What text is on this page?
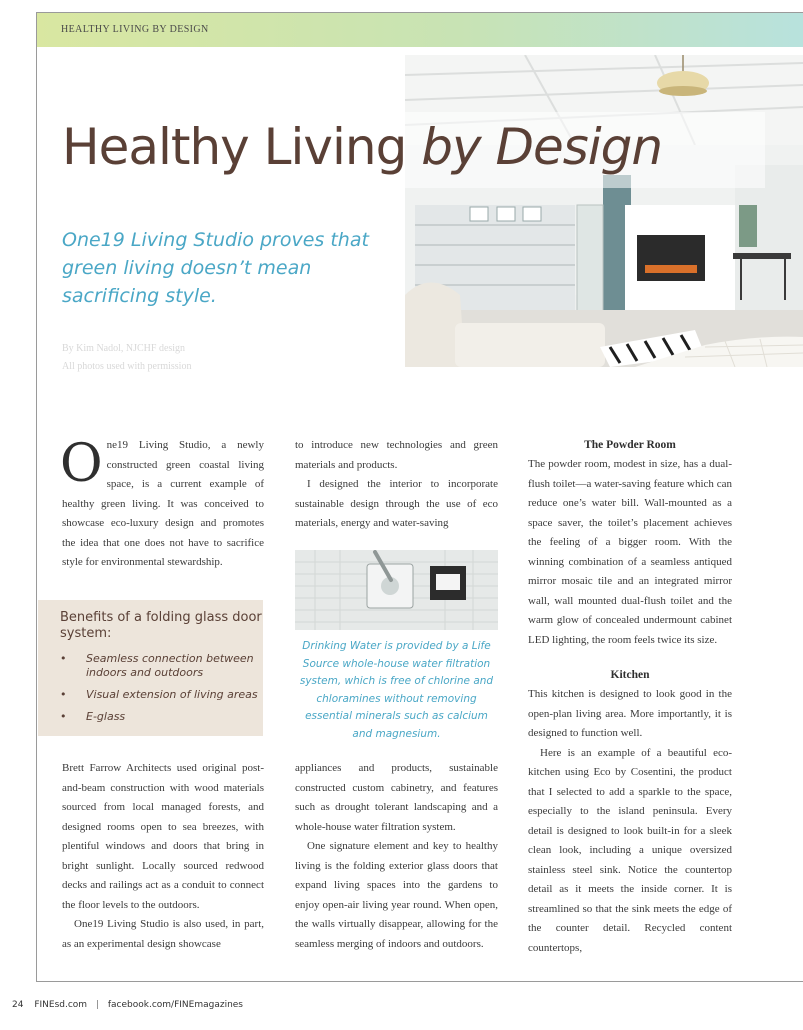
HEALTHY LIVING BY DESIGN
Healthy Living by Design

One19 Living Studio proves that green living doesn’t mean sacrificing style.

By Kim Nadol, NJCHF design
All photos used with permission

One19 Living Studio, a newly constructed green coastal living space, is a current example of healthy green living. It was conceived to showcase eco-luxury design and promotes the idea that one does not have to sacrifice style for environmental stewardship.

Benefits of a folding glass door system:
• Seamless connection between indoors and outdoors
• Visual extension of living areas
• E-glass

Brett Farrow Architects used original post-and-beam construction with wood materials sourced from local managed forests, and designed rooms open to sea breezes, with plentiful windows and doors that bring in bright sunlight. Locally sourced redwood decks and railings act as a conduit to connect the floor levels to the outdoors.

One19 Living Studio is also used, in part, as an experimental design showcase

to introduce new technologies and green materials and products.

I designed the interior to incorporate sustainable design through the use of eco materials, energy and water-saving

Drinking Water is provided by a Life Source whole-house water filtration system, which is free of chlorine and chloramines without removing essential minerals such as calcium and magnesium.

appliances and products, sustainable constructed custom cabinetry, and features such as drought tolerant landscaping and a whole-house water filtration system.

One signature element and key to healthy living is the folding exterior glass doors that expand living spaces into the gardens to enjoy open-air living year round. When open, the walls virtually disappear, allowing for the seamless merging of indoors and outdoors.

The Powder Room

The powder room, modest in size, has a dual-flush toilet—a water-saving feature which can reduce one’s water bill. Wall-mounted as a space saver, the toilet’s placement achieves the feeling of a bigger room. With the winning combination of a seamless antiqued mirror mosaic tile and an integrated mirror wall, wall mounted dual-flush toilet and the warm glow of concealed undermount cabinet LED lighting, the room feels twice its size.

Kitchen

This kitchen is designed to look good in the open-plan living area. More importantly, it is designed to function well.

Here is an example of a beautiful eco-kitchen using Eco by Cosentini, the product that I selected to add a sparkle to the space, especially to the island peninsula. Every detail is designed to look built-in for a sleek clean look, including a unique oversized stainless steel sink. Notice the countertop detail as it meets the inside corner. It is streamlined so that the sink meets the edge of the counter detail. Recycled content countertops,

24 FINEsd.com | facebook.com/FINEmagazines
